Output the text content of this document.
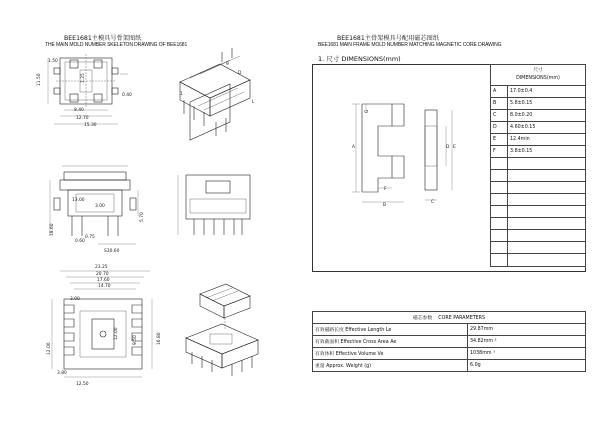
BEE1681主模具号骨架图纸
THE MAIN MOLD NUMBER SKELETON DRAWING OF BEE1681
11.50
1.50
0.40
8.40
12.70
15.30
1.25
9
1
L
D
13.00
18.60
0.75
5.70
3.00
0.60
S30.60
23.25
20.70
17.60
14.70
3.00
12.50
16.80
9.50
12.00
12.00
3.80
BEE1681主骨架模具号配用磁芯图纸
BEE1681 MAIN FRAME MOLD NUMBER MATCHING MAGNETIC CORE DRAWING
1. 尺寸 DIMENSIONS(mm)
A
B
C
D E
F
G
尺寸
DIMENSIONS(mm)	
A	17.0±0.4
B	5.8±0.15
C	8.0±0.20
D	4.60±0.15
E	12.4min
F	3.8±0.15

磁芯参数 CORE PARAMETERS	
有效磁路长度 Effective Length Le	29.87mm
有效截面积 Effective Cross Area Ae	34.82mm ²
有效体积 Effective Volume Ve	1038mm ³
重量 Approx. Weight (g)	6.0g
